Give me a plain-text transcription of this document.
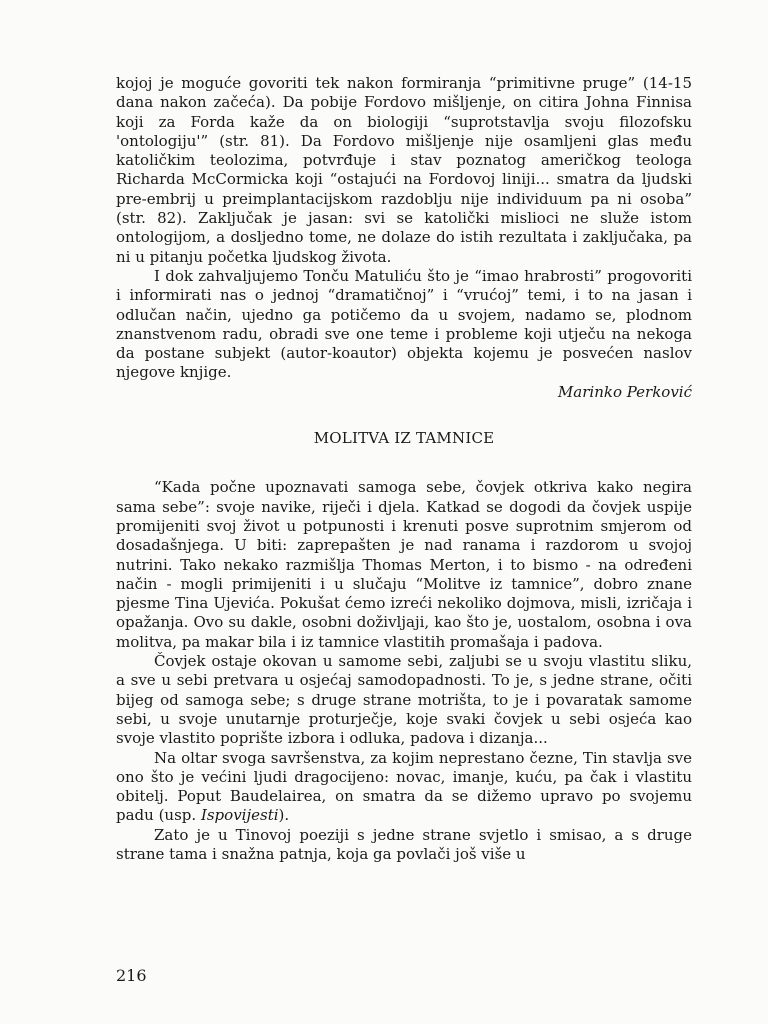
kojoj je moguće govoriti tek nakon formiranja “primitivne pruge” (14-15 dana nakon začeća). Da pobije Fordovo mišljenje, on citira Johna Finnisa koji za Forda kaže da on biologiji “suprotstavlja svoju filozofsku 'ontologiju'” (str. 81). Da Fordovo mišljenje nije osamljeni glas među katoličkim teolozima, potvrđuje i stav poznatog američkog teologa Richarda McCormicka koji “ostajući na Fordovoj liniji... smatra da ljudski pre-embrij u preimplantacijskom razdoblju nije individuum pa ni osoba” (str. 82). Zaključak je jasan: svi se katolički mislioci ne služe istom ontologijom, a dosljedno tome, ne dolaze do istih rezultata i zaključaka, pa ni u pitanju početka ljudskog života.

I dok zahvaljujemo Tonču Matuliću što je “imao hrabrosti” progovoriti i informirati nas o jednoj “dramatičnoj” i “vrućoj” temi, i to na jasan i odlučan način, ujedno ga potičemo da u svojem, nadamo se, plodnom znanstvenom radu, obradi sve one teme i probleme koji utječu na nekoga da postane subjekt (autor-koautor) objekta kojemu je posvećen naslov njegove knjige.

Marinko Perković

MOLITVA IZ TAMNICE

“Kada počne upoznavati samoga sebe, čovjek otkriva kako negira sama sebe”: svoje navike, riječi i djela. Katkad se dogodi da čovjek uspije promijeniti svoj život u potpunosti i krenuti posve suprotnim smjerom od dosadašnjega. U biti: zaprepašten je nad ranama i razdorom u svojoj nutrini. Tako nekako razmišlja Thomas Merton, i to bismo - na određeni način - mogli primijeniti i u slučaju “Molitve iz tamnice”, dobro znane pjesme Tina Ujevića. Pokušat ćemo izreći nekoliko dojmova, misli, izričaja i opažanja. Ovo su dakle, osobni doživljaji, kao što je, uostalom, osobna i ova molitva, pa makar bila i iz tamnice vlastitih promašaja i padova.

Čovjek ostaje okovan u samome sebi, zaljubi se u svoju vlastitu sliku, a sve u sebi pretvara u osjećaj samodopadnosti. To je, s jedne strane, očiti bijeg od samoga sebe; s druge strane motrišta, to je i povaratak samome sebi, u svoje unutarnje proturječje, koje svaki čovjek u sebi osjeća kao svoje vlastito poprište izbora i odluka, padova i dizanja...

Na oltar svoga savršenstva, za kojim neprestano čezne, Tin stavlja sve ono što je većini ljudi dragocijeno: novac, imanje, kuću, pa čak i vlastitu obitelj. Poput Baudelairea, on smatra da se dižemo upravo po svojemu padu (usp. Ispovijesti).

Zato je u Tinovoj poeziji s jedne strane svjetlo i smisao, a s druge strane tama i snažna patnja, koja ga povlači još više u

216
